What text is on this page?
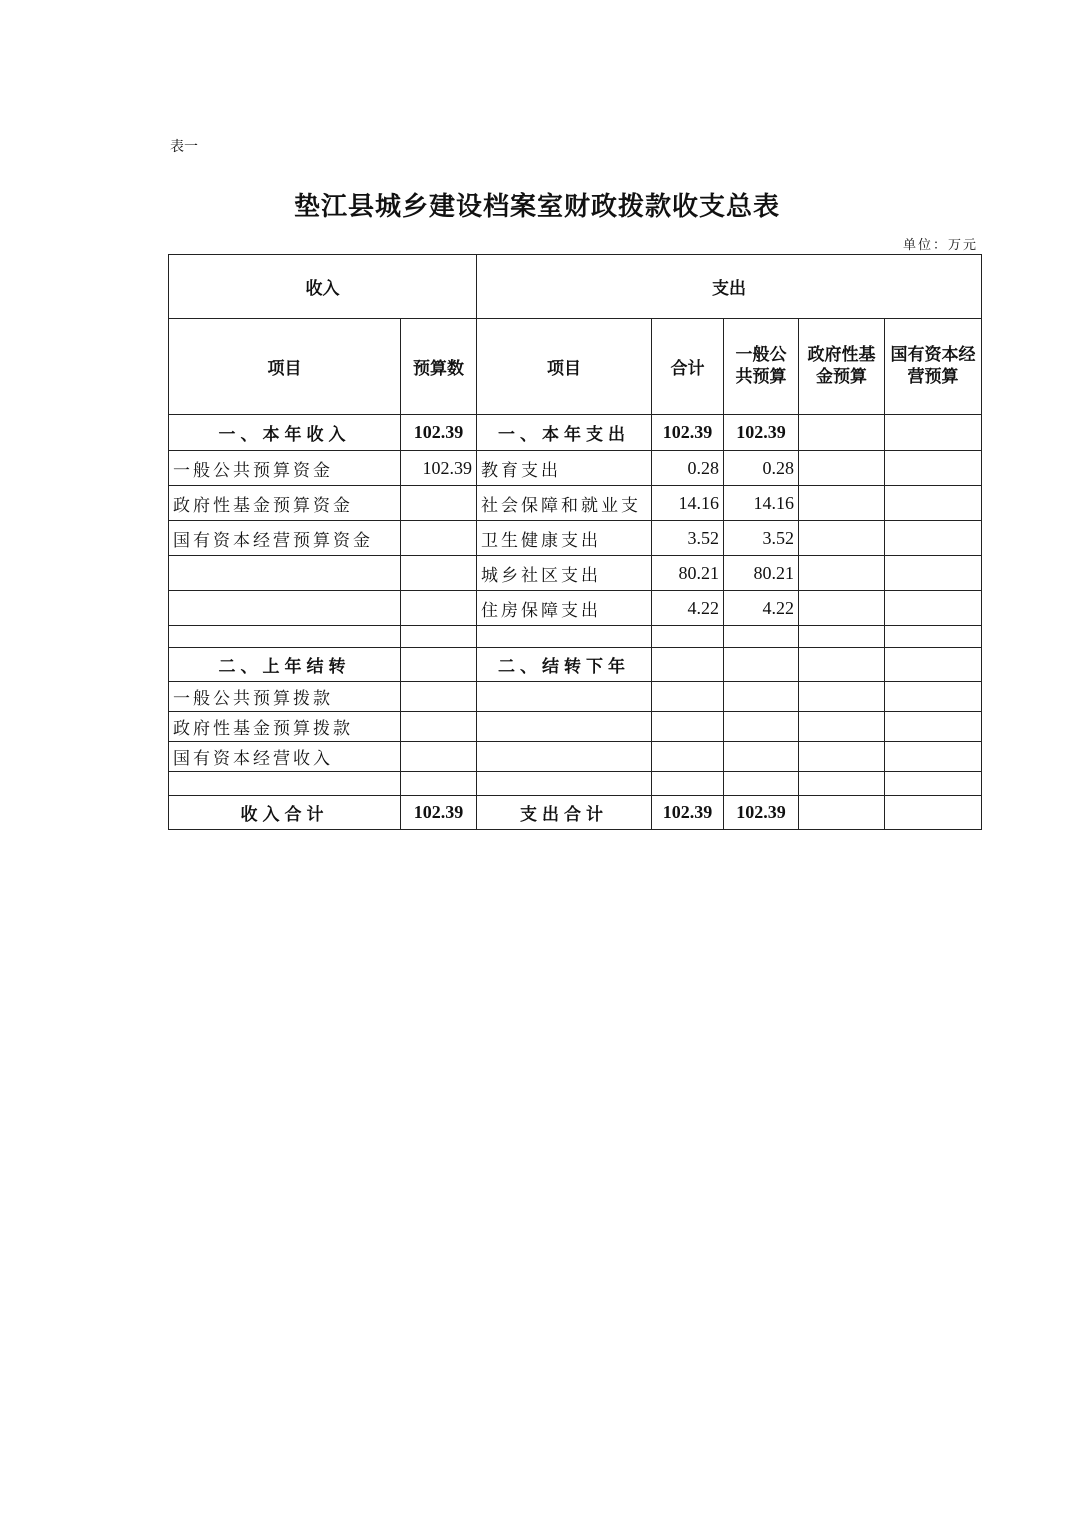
表一
垫江县城乡建设档案室财政拨款收支总表
单位：万元
收入		支出				
项目	预算数	项目	合计	一般公共预算	政府性基金预算	国有资本经营预算
一、本年收入	102.39	一、本年支出	102.39	102.39		
一般公共预算资金	102.39	教育支出	0.28	0.28		
政府性基金预算资金		社会保障和就业支	14.16	14.16		
国有资本经营预算资金		卫生健康支出	3.52	3.52		
		城乡社区支出	80.21	80.21		
		住房保障支出	4.22	4.22		

二、上年结转		二、结转下年				
一般公共预算拨款						
政府性基金预算拨款						
国有资本经营收入						

收入合计	102.39	支出合计	102.39	102.39		
